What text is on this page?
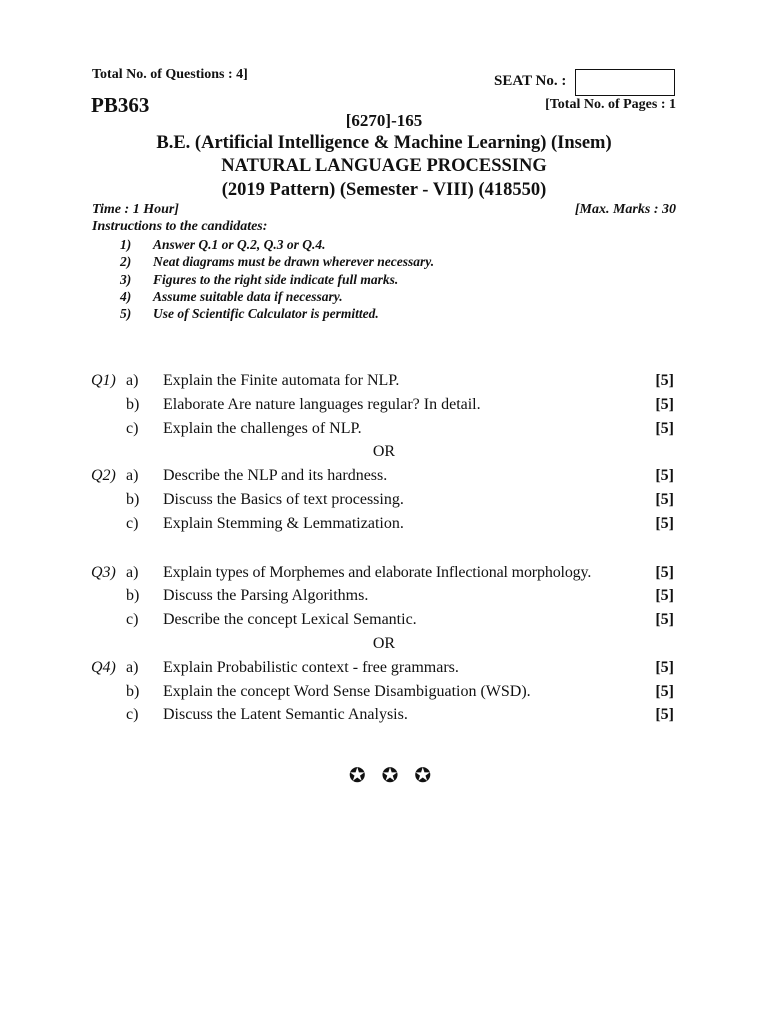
Total No. of Questions : 4]	SEAT No. :
PB363	[Total No. of Pages : 1
[6270]-165
B.E. (Artificial Intelligence & Machine Learning) (Insem)
NATURAL LANGUAGE PROCESSING
(2019 Pattern) (Semester - VIII) (418550)
Time : 1 Hour]	[Max. Marks : 30
Instructions to the candidates:
1) Answer Q.1 or Q.2, Q.3 or Q.4.
2) Neat diagrams must be drawn wherever necessary.
3) Figures to the right side indicate full marks.
4) Assume suitable data if necessary.
5) Use of Scientific Calculator is permitted.
Q1) a) Explain the Finite automata for NLP.	[5]
b) Elaborate Are nature languages regular? In detail.	[5]
c) Explain the challenges of NLP.	[5]
OR
Q2) a) Describe the NLP and its hardness.	[5]
b) Discuss the Basics of text processing.	[5]
c) Explain Stemming & Lemmatization.	[5]
Q3) a) Explain types of Morphemes and elaborate Inflectional morphology.	[5]
b) Discuss the Parsing Algorithms.	[5]
c) Describe the concept Lexical Semantic.	[5]
OR
Q4) a) Explain Probabilistic context - free grammars.	[5]
b) Explain the concept Word Sense Disambiguation (WSD).	[5]
c) Discuss the Latent Semantic Analysis.	[5]
✪✪✪
